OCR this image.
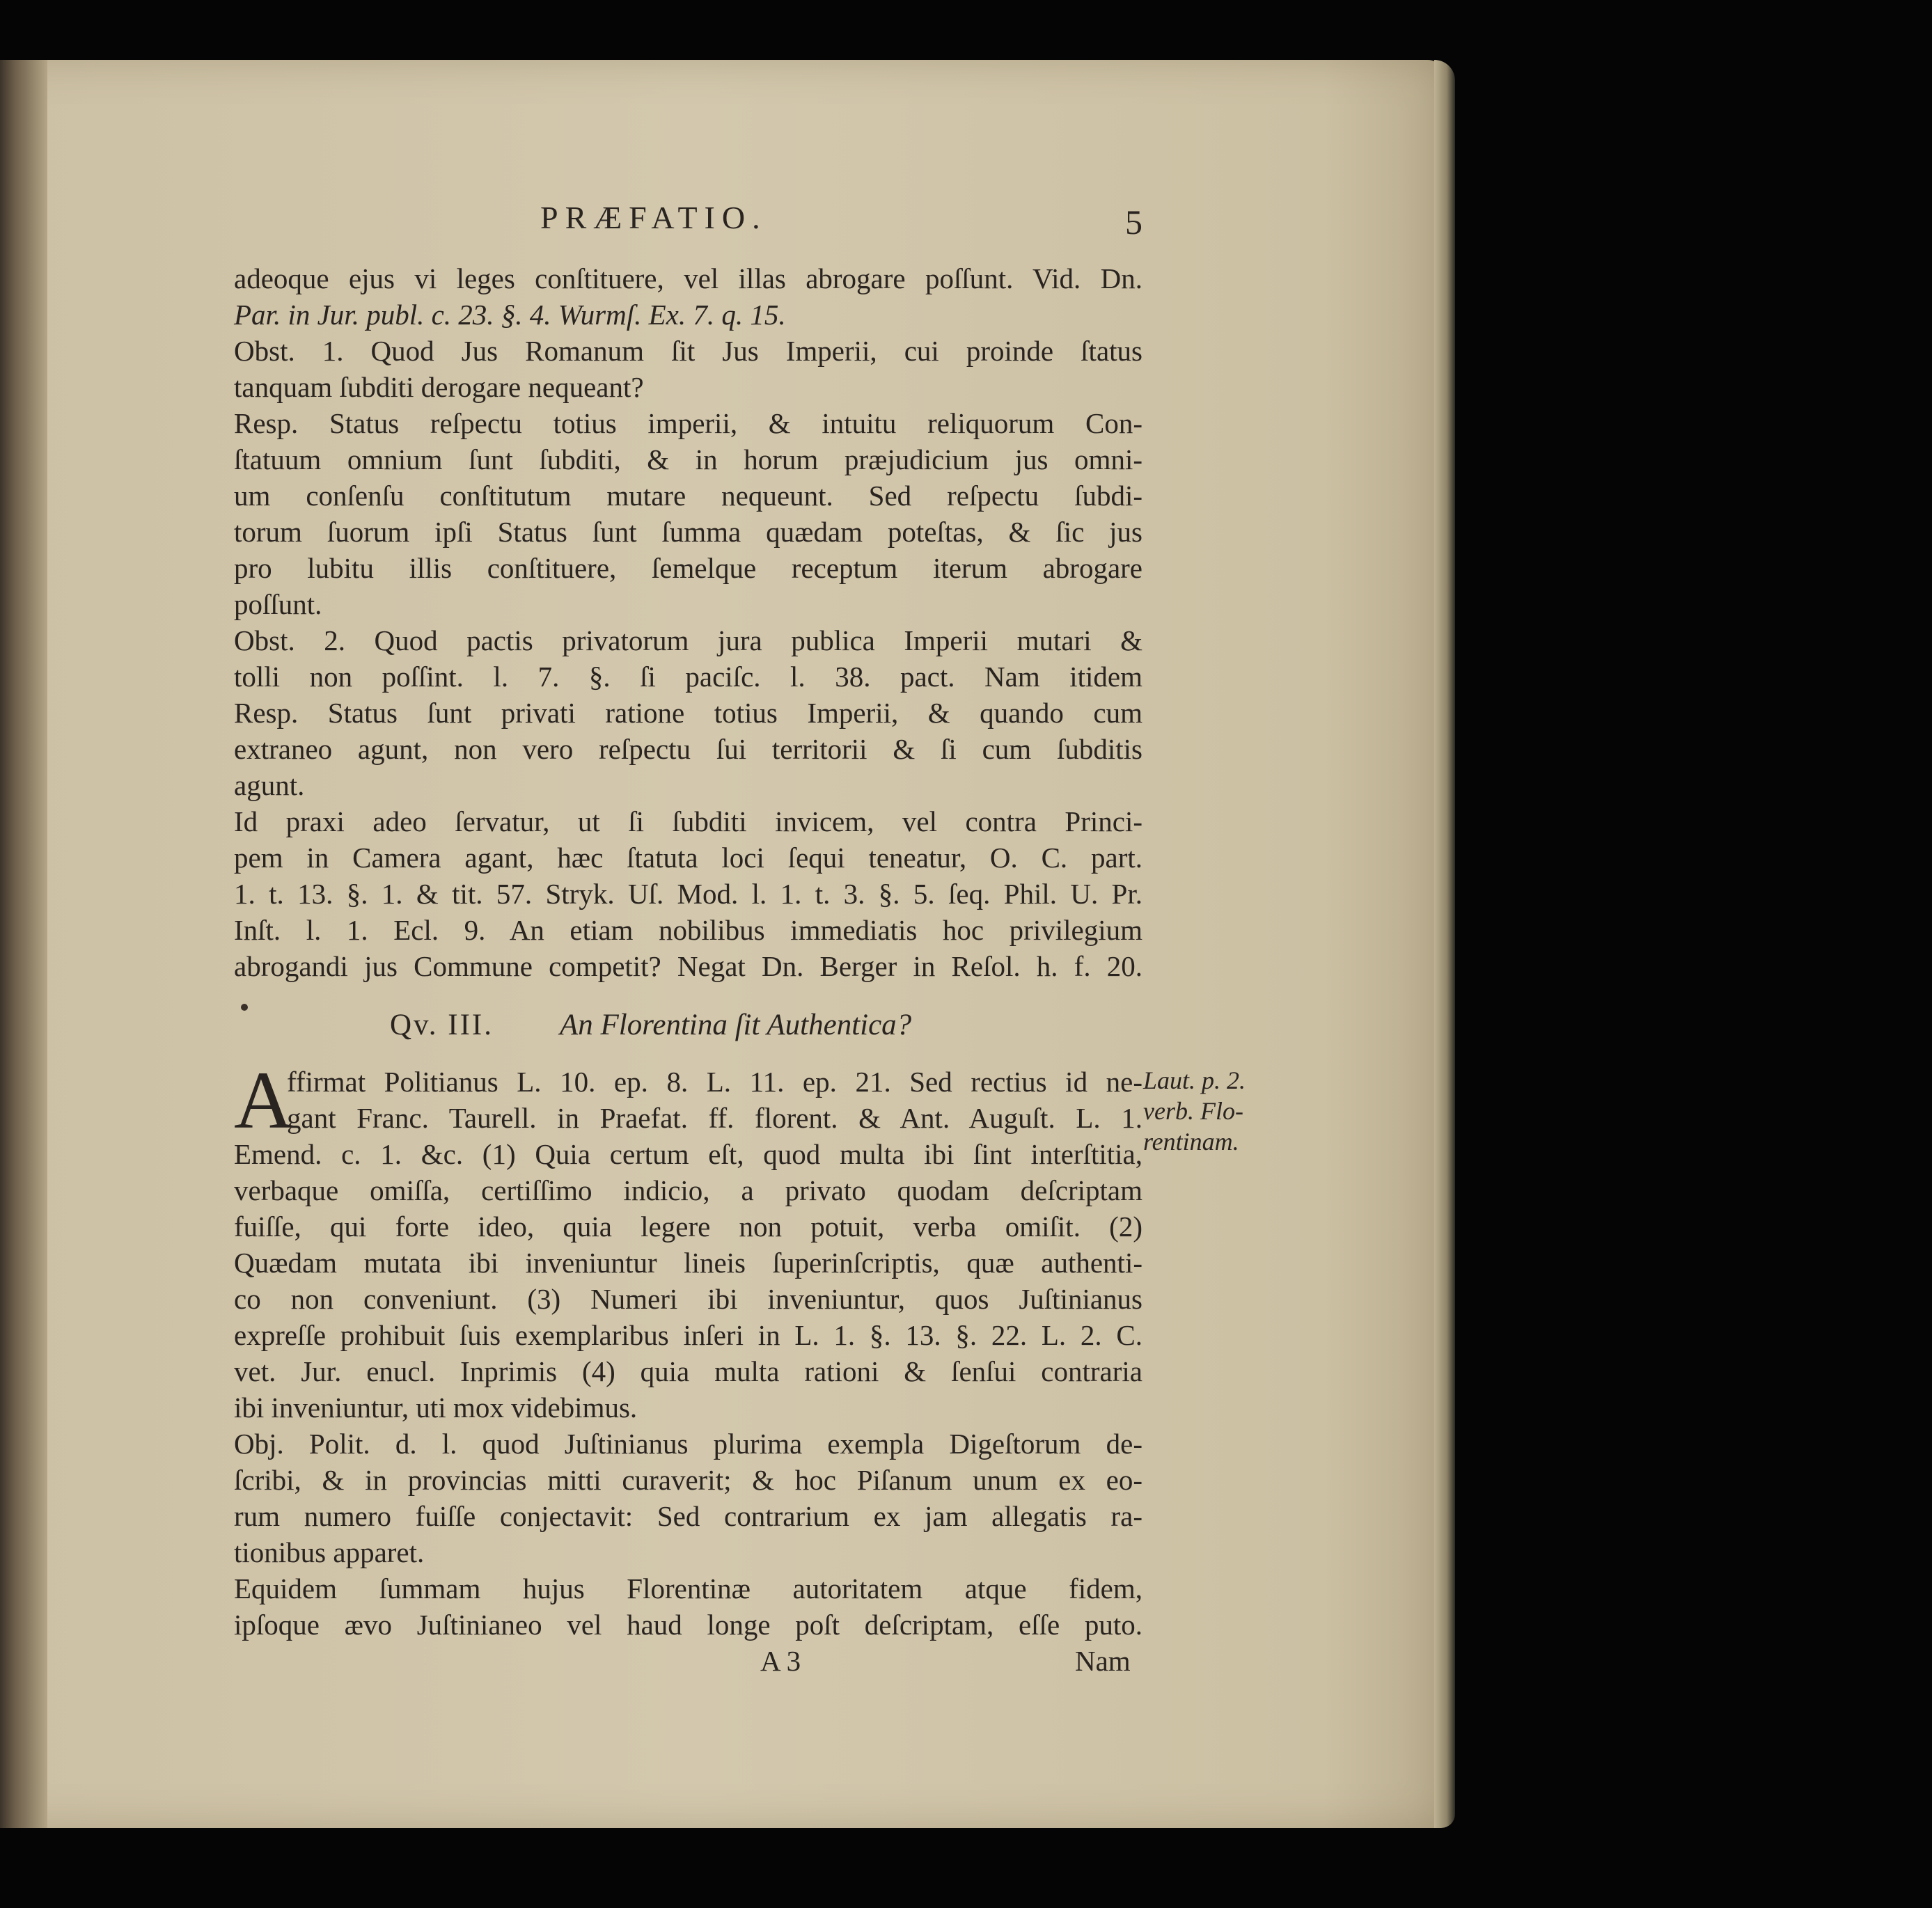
PRÆFATIO.	5
adeoque ejus vi leges conſtituere, vel illas abrogare poſſunt. Vid. Dn.
Par. in Jur. publ. c. 23. §. 4. Wurmſ. Ex. 7. q. 15.
Obst. 1. Quod Jus Romanum ſit Jus Imperii, cui proinde ſtatus
tanquam ſubditi derogare nequeant?
Resp. Status reſpectu totius imperii, & intuitu reliquorum Con-
ſtatuum omnium ſunt ſubditi, & in horum præjudicium jus omni-
um conſenſu conſtitutum mutare nequeunt. Sed reſpectu ſubdi-
torum ſuorum ipſi Status ſunt ſumma quædam poteſtas, & ſic jus
pro lubitu illis conſtituere, ſemelque receptum iterum abrogare
poſſunt.
Obst. 2. Quod pactis privatorum jura publica Imperii mutari &
tolli non poſſint. l. 7. §. ſi paciſc. l. 38. pact. Nam itidem
Resp. Status ſunt privati ratione totius Imperii, & quando cum
extraneo agunt, non vero reſpectu ſui territorii & ſi cum ſubditis
agunt.
Id praxi adeo ſervatur, ut ſi ſubditi invicem, vel contra Princi-
pem in Camera agant, hæc ſtatuta loci ſequi teneatur, O. C. part.
1. t. 13. §. 1. & tit. 57. Stryk. Uſ. Mod. l. 1. t. 3. §. 5. ſeq. Phil. U. Pr.
Inſt. l. 1. Ecl. 9. An etiam nobilibus immediatis hoc privilegium
abrogandi jus Commune competit? Negat Dn. Berger in Reſol. h. f. 20.
Qv. III. An Florentina ſit Authentica?
A
ffirmat Politianus L. 10. ep. 8. L. 11. ep. 21. Sed rectius id ne-
gant Franc. Taurell. in Praefat. ff. florent. & Ant. Auguſt. L. 1.
Emend. c. 1. &c. (1) Quia certum eſt, quod multa ibi ſint interſtitia,
verbaque omiſſa, certiſſimo indicio, a privato quodam deſcriptam
fuiſſe, qui forte ideo, quia legere non potuit, verba omiſit. (2)
Quædam mutata ibi inveniuntur lineis ſuperinſcriptis, quæ authenti-
co non conveniunt. (3) Numeri ibi inveniuntur, quos Juſtinianus
expreſſe prohibuit ſuis exemplaribus inſeri in L. 1. §. 13. §. 22. L. 2. C.
vet. Jur. enucl. Inprimis (4) quia multa rationi & ſenſui contraria
ibi inveniuntur, uti mox videbimus.
Obj. Polit. d. l. quod Juſtinianus plurima exempla Digeſtorum de-
ſcribi, & in provincias mitti curaverit; & hoc Piſanum unum ex eo-
rum numero fuiſſe conjectavit: Sed contrarium ex jam allegatis ra-
tionibus apparet.
Equidem ſummam hujus Florentinæ autoritatem atque fidem,
ipſoque ævo Juſtinianeo vel haud longe poſt deſcriptam, eſſe puto.
A 3	Nam
Laut. p. 2.
verb. Flo-
rentinam.
